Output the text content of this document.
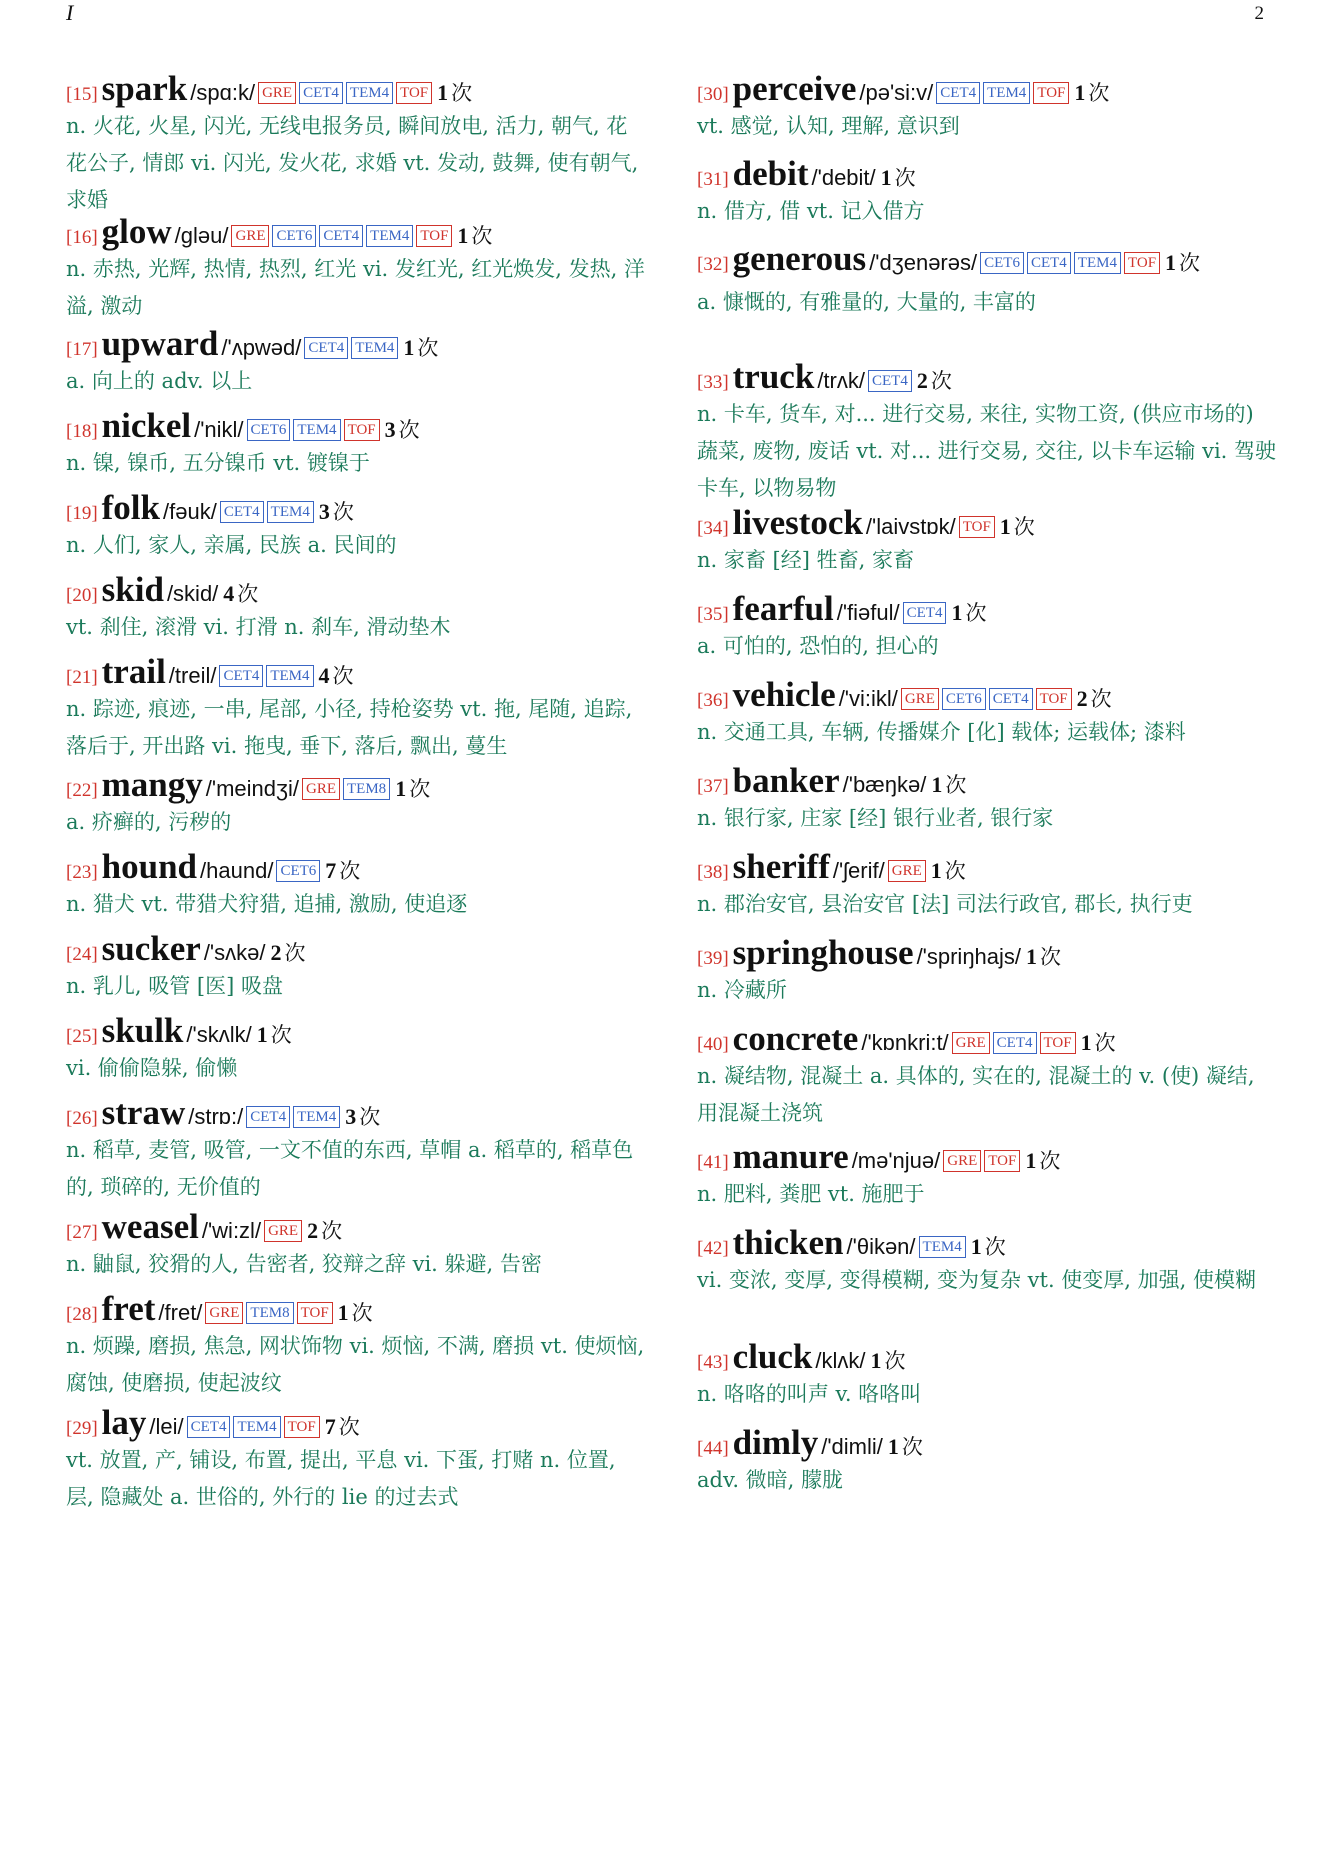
I	2
[15] spark /spɑ:k/ GRE CET4 TEM4 TOF 1 次
n. 火花, 火星, 闪光, 无线电报务员, 瞬间放电, 活力, 朝气, 花花公子, 情郎 vi. 闪光, 发火花, 求婚 vt. 发动, 鼓舞, 使有朝气, 求婚
[16] glow /gləu/ GRE CET6 CET4 TEM4 TOF 1 次
n. 赤热, 光辉, 热情, 热烈, 红光 vi. 发红光, 红光焕发, 发热, 洋溢, 激动
[17] upward /'ʌpwəd/ CET4 TEM4 1 次
a. 向上的 adv. 以上
[18] nickel /'nikl/ CET6 TEM4 TOF 3 次
n. 镍, 镍币, 五分镍币 vt. 镀镍于
[19] folk /fəuk/ CET4 TEM4 3 次
n. 人们, 家人, 亲属, 民族 a. 民间的
[20] skid /skid/ 4 次
vt. 刹住, 滚滑 vi. 打滑 n. 刹车, 滑动垫木
[21] trail /treil/ CET4 TEM4 4 次
n. 踪迹, 痕迹, 一串, 尾部, 小径, 持枪姿势 vt. 拖, 尾随, 追踪, 落后于, 开出路 vi. 拖曳, 垂下, 落后, 飘出, 蔓生
[22] mangy /'meindʒi/ GRE TEM8 1 次
a. 疥癣的, 污秽的
[23] hound /haund/ CET6 7 次
n. 猎犬 vt. 带猎犬狩猎, 追捕, 激励, 使追逐
[24] sucker /'sʌkə/ 2 次
n. 乳儿, 吸管 [医] 吸盘
[25] skulk /'skʌlk/ 1 次
vi. 偷偷隐躲, 偷懒
[26] straw /strɒ:/ CET4 TEM4 3 次
n. 稻草, 麦管, 吸管, 一文不值的东西, 草帽 a. 稻草的, 稻草色的, 琐碎的, 无价值的
[27] weasel /'wi:zl/ GRE 2 次
n. 鼬鼠, 狡猾的人, 告密者, 狡辩之辞 vi. 躲避, 告密
[28] fret /fret/ GRE TEM8 TOF 1 次
n. 烦躁, 磨损, 焦急, 网状饰物 vi. 烦恼, 不满, 磨损 vt. 使烦恼, 腐蚀, 使磨损, 使起波纹
[29] lay /lei/ CET4 TEM4 TOF 7 次
vt. 放置, 产, 铺设, 布置, 提出, 平息 vi. 下蛋, 打赌 n. 位置, 层, 隐藏处 a. 世俗的, 外行的 lie 的过去式
[30] perceive /pə'si:v/ CET4 TEM4 TOF 1 次
vt. 感觉, 认知, 理解, 意识到
[31] debit /'debit/ 1 次
n. 借方, 借 vt. 记入借方
[32] generous /'dʒenərəs/ CET6 CET4 TEM4 TOF 1 次
a. 慷慨的, 有雅量的, 大量的, 丰富的
[33] truck /trʌk/ CET4 2 次
n. 卡车, 货车, 对... 进行交易, 来往, 实物工资, (供应市场的) 蔬菜, 废物, 废话 vt. 对... 进行交易, 交往, 以卡车运输 vi. 驾驶卡车, 以物易物
[34] livestock /'laivstɒk/ TOF 1 次
n. 家畜 [经] 牲畜, 家畜
[35] fearful /'fiəful/ CET4 1 次
a. 可怕的, 恐怕的, 担心的
[36] vehicle /'vi:ikl/ GRE CET6 CET4 TOF 2 次
n. 交通工具, 车辆, 传播媒介 [化] 载体; 运载体; 漆料
[37] banker /'bæŋkə/ 1 次
n. 银行家, 庄家 [经] 银行业者, 银行家
[38] sheriff /'ʃerif/ GRE 1 次
n. 郡治安官, 县治安官 [法] 司法行政官, 郡长, 执行吏
[39] springhouse /'spriŋhajs/ 1 次
n. 冷藏所
[40] concrete /'kɒnkri:t/ GRE CET4 TOF 1 次
n. 凝结物, 混凝土 a. 具体的, 实在的, 混凝土的 v. (使) 凝结, 用混凝土浇筑
[41] manure /mə'njuə/ GRE TOF 1 次
n. 肥料, 粪肥 vt. 施肥于
[42] thicken /'θikən/ TEM4 1 次
vi. 变浓, 变厚, 变得模糊, 变为复杂 vt. 使变厚, 加强, 使模糊
[43] cluck /klʌk/ 1 次
n. 咯咯的叫声 v. 咯咯叫
[44] dimly /'dimli/ 1 次
adv. 微暗, 朦胧
